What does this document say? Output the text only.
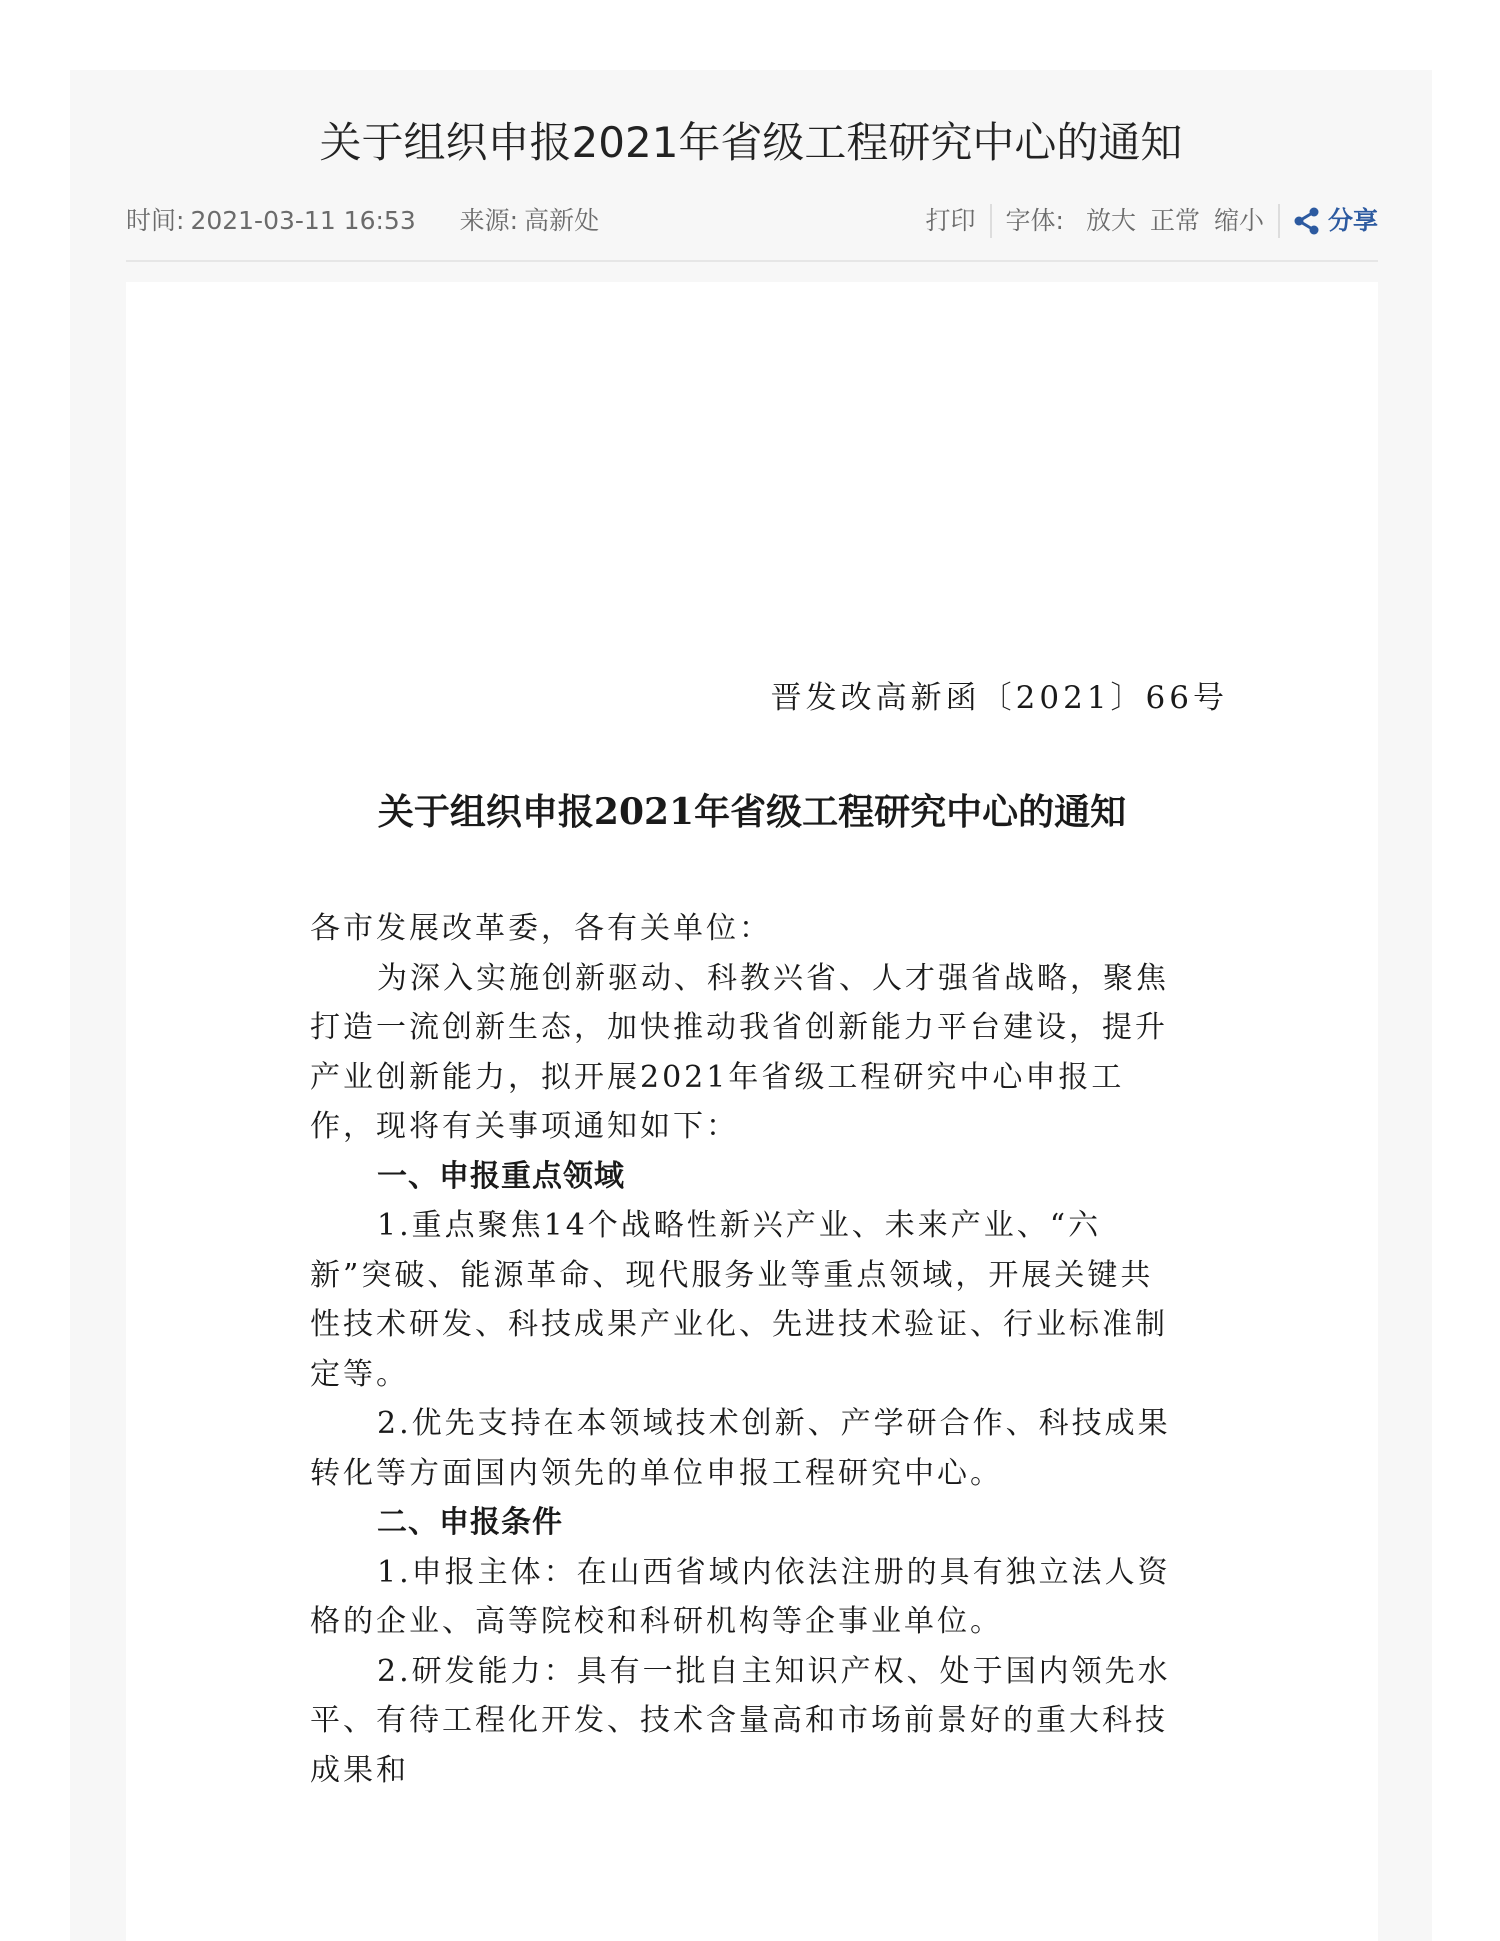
关于组织申报2021年省级工程研究中心的通知
时间: 2021-03-11 16:53 来源: 高新处	打印 字体: 放大 正常 缩小	分享
晋发改高新函〔2021〕66号
关于组织申报2021年省级工程研究中心的通知

各市发展改革委，各有关单位：

为深入实施创新驱动、科教兴省、人才强省战略，聚焦打造一流创新生态，加快推动我省创新能力平台建设，提升产业创新能力，拟开展2021年省级工程研究中心申报工作，现将有关事项通知如下：

一、申报重点领域

1.重点聚焦14个战略性新兴产业、未来产业、“六新”突破、能源革命、现代服务业等重点领域，开展关键共性技术研发、科技成果产业化、先进技术验证、行业标准制定等。

2.优先支持在本领域技术创新、产学研合作、科技成果转化等方面国内领先的单位申报工程研究中心。

二、申报条件

1.申报主体：在山西省域内依法注册的具有独立法人资格的企业、高等院校和科研机构等企事业单位。

2.研发能力：具有一批自主知识产权、处于国内领先水平、有待工程化开发、技术含量高和市场前景好的重大科技成果和
